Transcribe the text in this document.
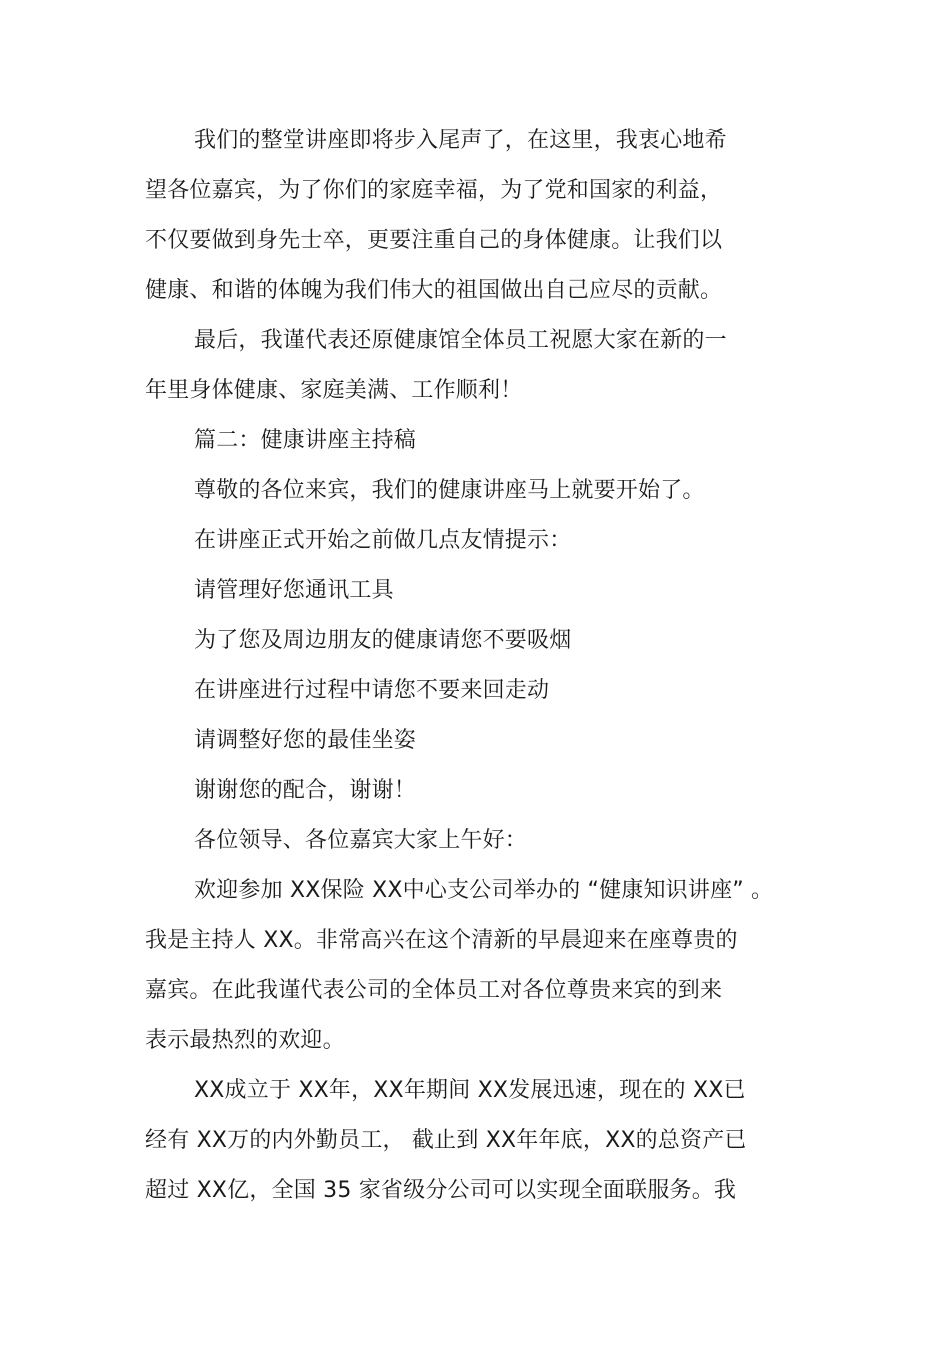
我们的整堂讲座即将步入尾声了，在这里，我衷心地希
望各位嘉宾，为了你们的家庭幸福，为了党和国家的利益，
不仅要做到身先士卒，更要注重自己的身体健康。让我们以
健康、和谐的体魄为我们伟大的祖国做出自己应尽的贡献。
最后，我谨代表还原健康馆全体员工祝愿大家在新的一
年里身体健康、家庭美满、工作顺利！
篇二：健康讲座主持稿
尊敬的各位来宾，我们的健康讲座马上就要开始了。
在讲座正式开始之前做几点友情提示：
请管理好您通讯工具
为了您及周边朋友的健康请您不要吸烟
在讲座进行过程中请您不要来回走动
请调整好您的最佳坐姿
谢谢您的配合，谢谢！
各位领导、各位嘉宾大家上午好：
欢迎参加 XX保险 XX中心支公司举办的 “健康知识讲座” 。
我是主持人 XX。非常高兴在这个清新的早晨迎来在座尊贵的
嘉宾。在此我谨代表公司的全体员工对各位尊贵来宾的到来
表示最热烈的欢迎。
XX成立于 XX年，XX年期间 XX发展迅速，现在的 XX已
经有 XX万的内外勤员工， 截止到 XX年年底，XX的总资产已
超过 XX亿，全国 35 家省级分公司可以实现全面联服务。我
